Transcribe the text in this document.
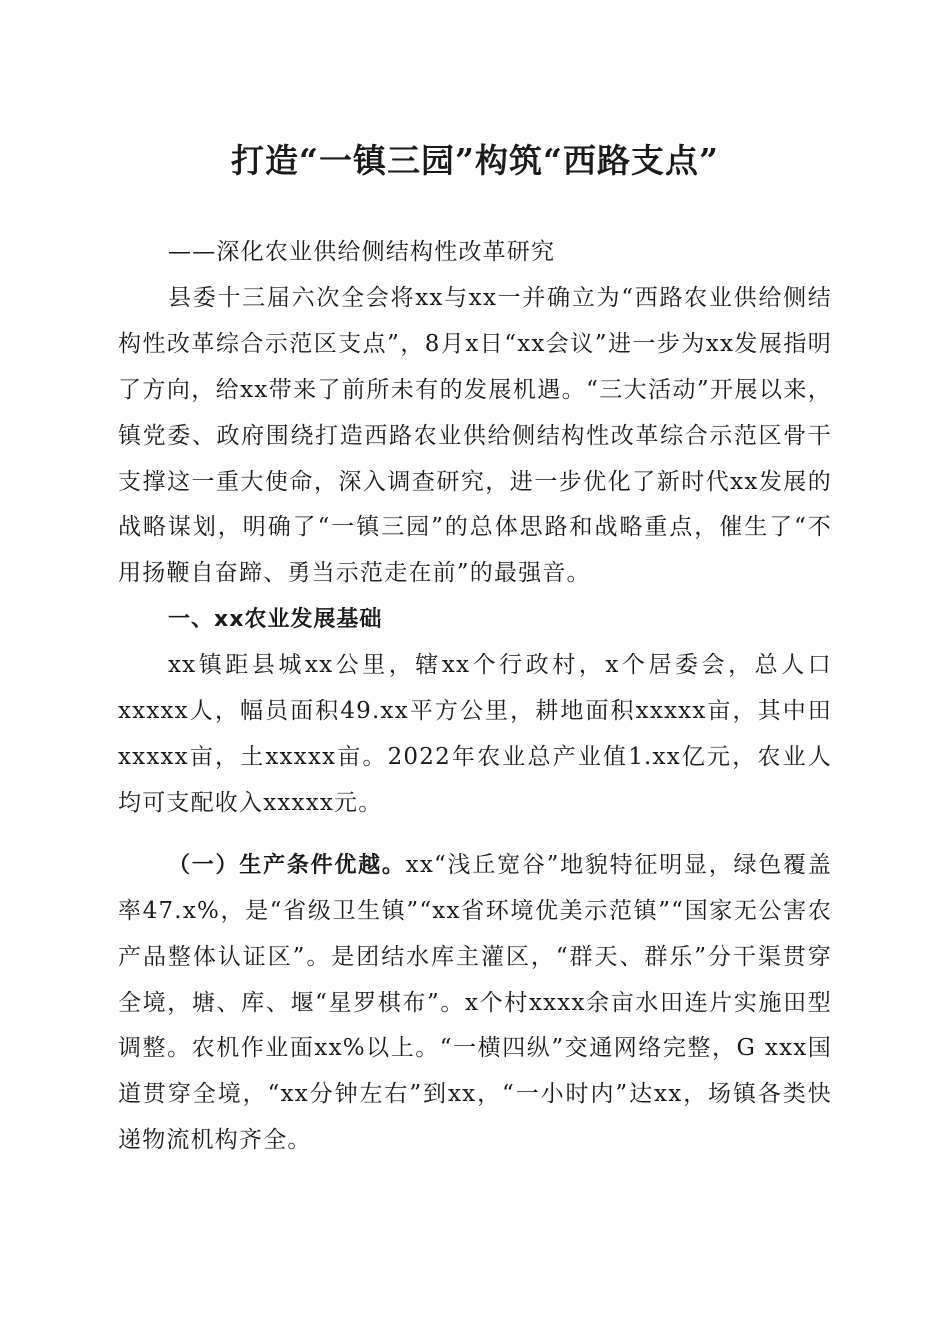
打造“一镇三园”构筑“西路支点”

——深化农业供给侧结构性改革研究

县委十三届六次全会将xx与xx一并确立为“西路农业供给侧结构性改革综合示范区支点”，8月x日“xx会议”进一步为xx发展指明了方向，给xx带来了前所未有的发展机遇。“三大活动”开展以来，镇党委、政府围绕打造西路农业供给侧结构性改革综合示范区骨干支撑这一重大使命，深入调查研究，进一步优化了新时代xx发展的战略谋划，明确了“一镇三园”的总体思路和战略重点，催生了“不用扬鞭自奋蹄、勇当示范走在前”的最强音。

一、xx农业发展基础

xx镇距县城xx公里，辖xx个行政村，x个居委会，总人口xxxxx人，幅员面积49.xx平方公里，耕地面积xxxxx亩，其中田xxxxx亩，土xxxxx亩。2022年农业总产业值1.xx亿元，农业人均可支配收入xxxxx元。

（一）生产条件优越。xx“浅丘宽谷”地貌特征明显，绿色覆盖率47.x%，是“省级卫生镇”“xx省环境优美示范镇”“国家无公害农产品整体认证区”。是团结水库主灌区，“群天、群乐”分干渠贯穿全境，塘、库、堰“星罗棋布”。x个村xxxx余亩水田连片实施田型调整。农机作业面xx%以上。“一横四纵”交通网络完整，G xxx国道贯穿全境，“xx分钟左右”到xx，“一小时内”达xx，场镇各类快递物流机构齐全。
